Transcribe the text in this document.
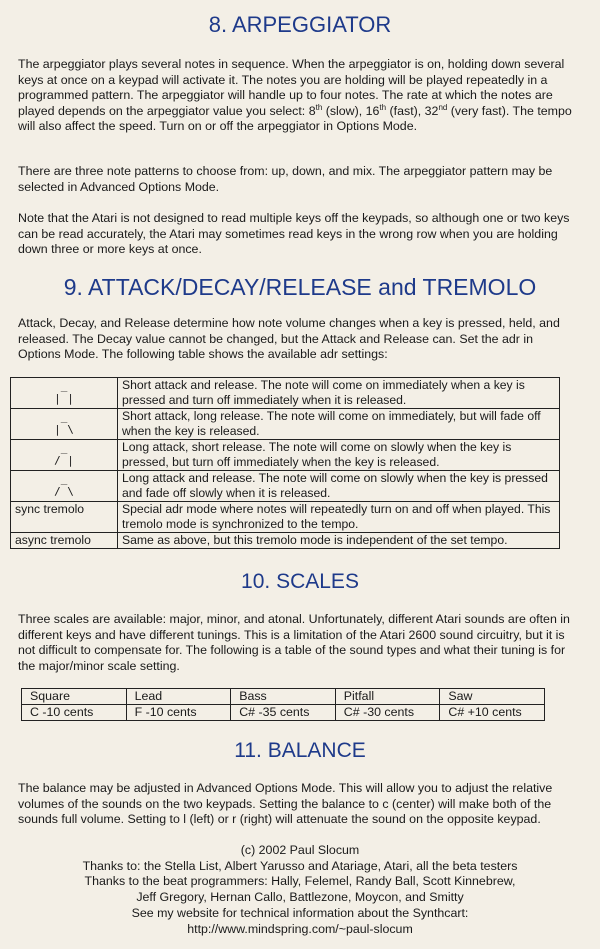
8. ARPEGGIATOR

The arpeggiator plays several notes in sequence. When the arpeggiator is on, holding down several keys at once on a keypad will activate it. The notes you are holding will be played repeatedly in a programmed pattern. The arpeggiator will handle up to four notes. The rate at which the notes are played depends on the arpeggiator value you select: 8th (slow), 16th (fast), 32nd (very fast). The tempo will also affect the speed. Turn on or off the arpeggiator in Options Mode.

There are three note patterns to choose from: up, down, and mix. The arpeggiator pattern may be selected in Advanced Options Mode.

Note that the Atari is not designed to read multiple keys off the keypads, so although one or two keys can be read accurately, the Atari may sometimes read keys in the wrong row when you are holding down three or more keys at once.

9. ATTACK/DECAY/RELEASE and TREMOLO

Attack, Decay, and Release determine how note volume changes when a key is pressed, held, and released. The Decay value cannot be changed, but the Attack and Release can. Set the adr in Options Mode. The following table shows the available adr settings:

_
| |	Short attack and release. The note will come on immediately when a key is pressed and turn off immediately when it is released.

_
| \	Short attack, long release. The note will come on immediately, but will fade off when the key is released.

_
/ |	Long attack, short release. The note will come on slowly when the key is pressed, but turn off immediately when the key is released.

_
/ \	Long attack and release. The note will come on slowly when the key is pressed and fade off slowly when it is released.
sync tremolo	Special adr mode where notes will repeatedly turn on and off when played. This tremolo mode is synchronized to the tempo.
async tremolo	Same as above, but this tremolo mode is independent of the set tempo.
10. SCALES

Three scales are available: major, minor, and atonal. Unfortunately, different Atari sounds are often in different keys and have different tunings. This is a limitation of the Atari 2600 sound circuitry, but it is not difficult to compensate for. The following is a table of the sound types and what their tuning is for the major/minor scale setting.

Square	Lead	Bass	Pitfall	Saw
C -10 cents	F -10 cents	C# -35 cents	C# -30 cents	C# +10 cents
11. BALANCE

The balance may be adjusted in Advanced Options Mode. This will allow you to adjust the relative volumes of the sounds on the two keypads. Setting the balance to c (center) will make both of the sounds full volume. Setting to l (left) or r (right) will attenuate the sound on the opposite keypad.

(c) 2002 Paul Slocum
Thanks to: the Stella List, Albert Yarusso and Atariage, Atari, all the beta testers
Thanks to the beat programmers: Hally, Felemel, Randy Ball, Scott Kinnebrew,
Jeff Gregory, Hernan Callo, Battlezone, Moycon, and Smitty
See my website for technical information about the Synthcart:
http://www.mindspring.com/~paul-slocum
